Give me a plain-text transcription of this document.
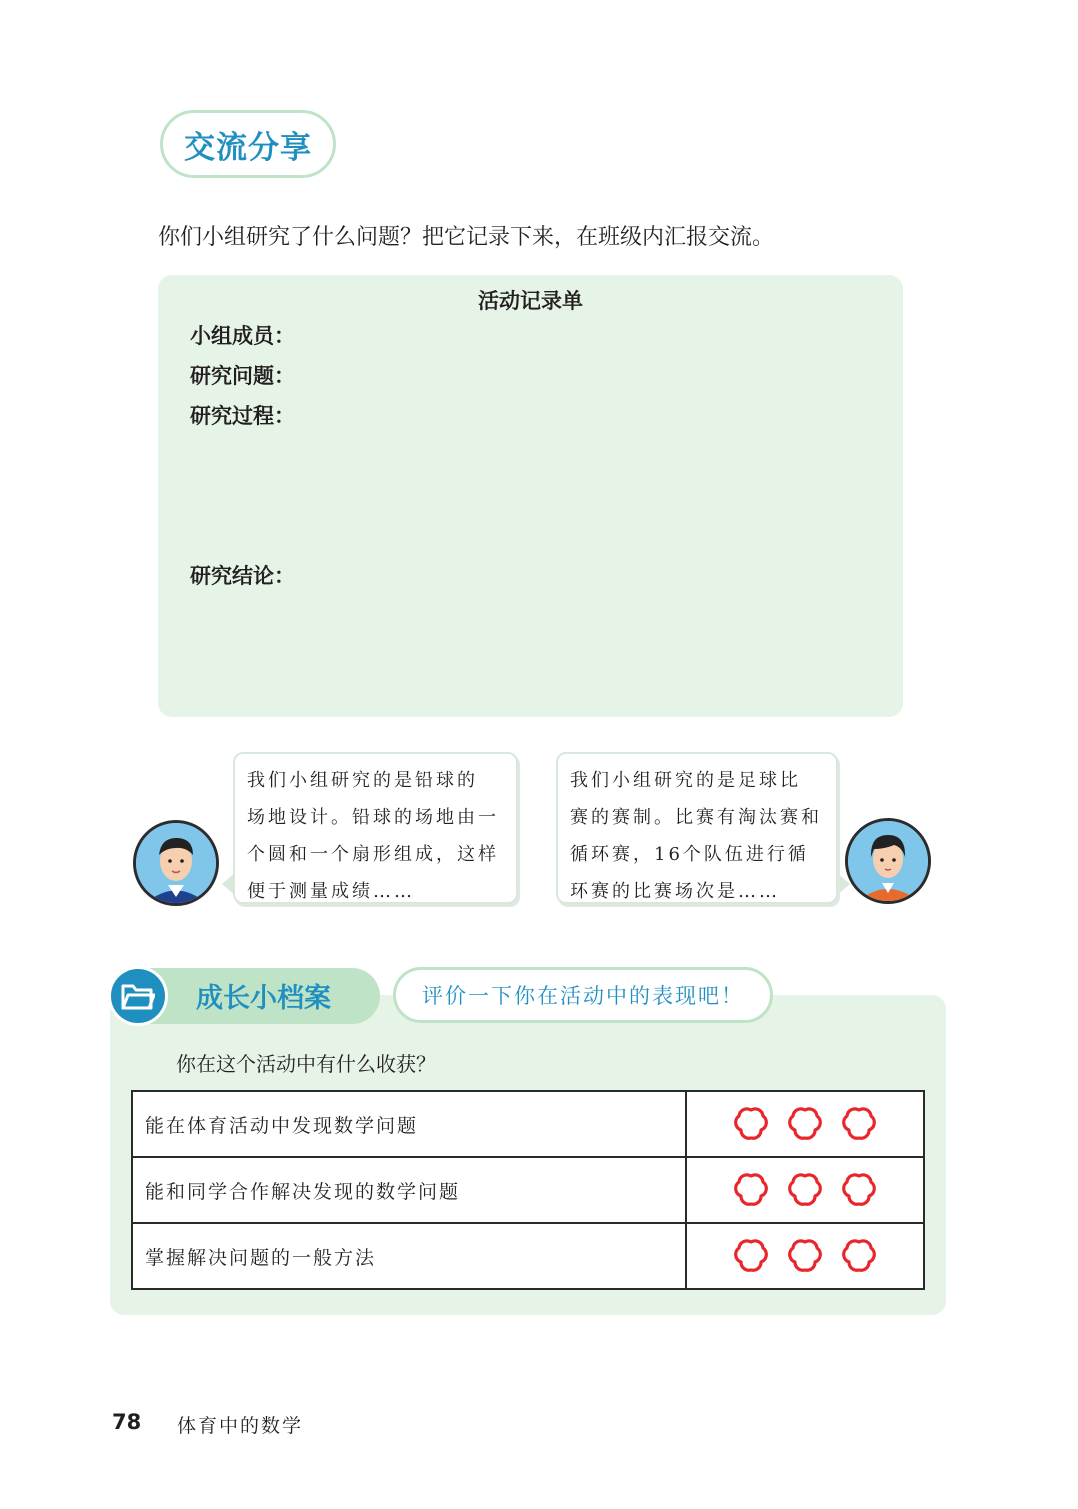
交流分享
你们小组研究了什么问题？把它记录下来，在班级内汇报交流。
活动记录单
小组成员：
研究问题：
研究过程：
研究结论：
我们小组研究的是铅球的
场地设计。铅球的场地由一
个圆和一个扇形组成，这样
便于测量成绩……
我们小组研究的是足球比
赛的赛制。比赛有淘汰赛和
循环赛，16个队伍进行循
环赛的比赛场次是……
成长小档案	评价一下你在活动中的表现吧！
你在这个活动中有什么收获？
能在体育活动中发现数学问题	
能和同学合作解决发现的数学问题	
掌握解决问题的一般方法	
78 体育中的数学
